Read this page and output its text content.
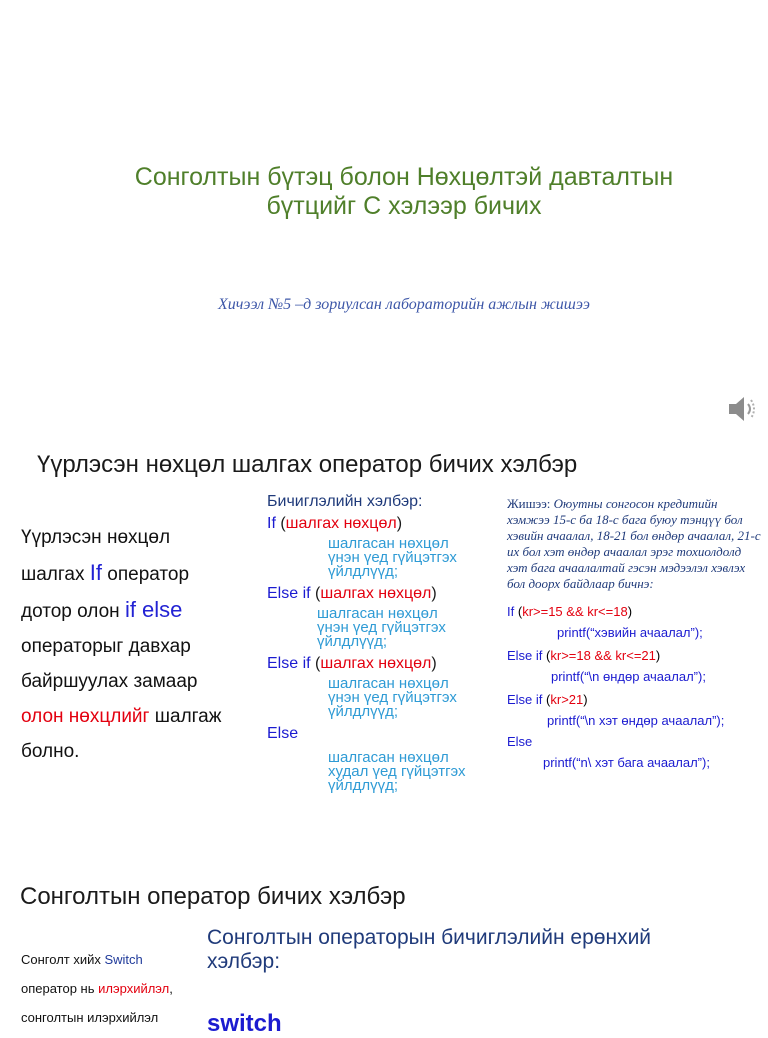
Сонголтын бүтэц болон Нөхцөлтэй давталтын
бүтцийг С хэлээр бичих
Хичээл №5 –д зориулсан лабораторийн ажлын жишээ
Үүрлэсэн нөхцөл шалгах оператор бичих хэлбэр
Үүрлэсэн нөхцөл
шалгах If оператор
дотор олон if else
операторыг давхар
байршуулах замаар
олон нөхцлийг шалгаж
болно.
Бичиглэлийн хэлбэр:
If (шалгах нөхцөл)
шалгасан нөхцөл
үнэн үед гүйцэтгэх
үйлдлүүд;
Else if (шалгах нөхцөл)
шалгасан нөхцөл
үнэн үед гүйцэтгэх
үйлдлүүд;
Else if (шалгах нөхцөл)
шалгасан нөхцөл
үнэн үед гүйцэтгэх
үйлдлүүд;
Else
шалгасан нөхцөл
худал үед гүйцэтгэх
үйлдлүүд;
Жишээ: Оюутны сонгосон кредитийн хэмжээ 15-с ба 18-с бага буюу тэнцүү бол хэвийн ачаалал, 18-21 бол өндөр ачаалал, 21-с их бол хэт өндөр ачаалал эрэг тохиолдолд хэт бага ачаалалтай гэсэн мэдээлэл хэвлэх бол доорх байдлаар бичнэ:
If (kr>=15 && kr<=18)
printf(“хэвийн ачаалал”);
Else if (kr>=18 && kr<=21)
printf(“\n өндөр ачаалал”);
Else if (kr>21)
printf(“\n хэт өндөр ачаалал”);
Else
printf(“n\ хэт бага ачаалал”);
Сонголтын оператор бичих хэлбэр
Сонголт хийх Switch
оператор нь илэрхийлэл,
сонголтын илэрхийлэл
Сонголтын операторын бичиглэлийн ерөнхий хэлбэр:
switch
